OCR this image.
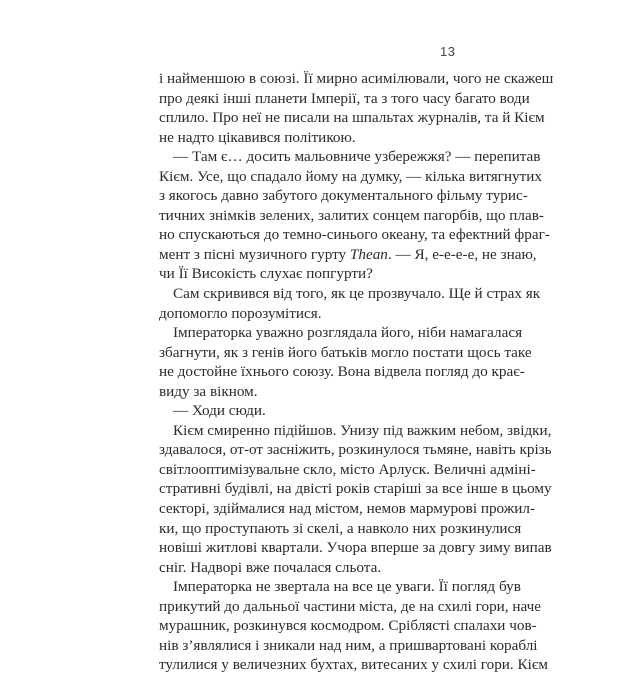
13
і найменшою в союзі. Її мирно асимілювали, чого не скажеш
про деякі інші планети Імперії, та з того часу багато води
сплило. Про неї не писали на шпальтах журналів, та й Кієм
не надто цікавився політикою.
— Там є… досить мальовниче узбережжя? — перепитав
Кієм. Усе, що спадало йому на думку, — кілька витягнутих
з якогось давно забутого документального фільму турис-
тичних знімків зелених, залитих сонцем пагорбів, що плав-
но спускаються до темно-синього океану, та ефектний фраг-
мент з пісні музичного гурту Thean. — Я, е-е-е-е, не знаю,
чи Її Високість слухає попгурти?
Сам скривився від того, як це прозвучало. Ще й страх як
допомогло порозумітися.
Імператорка уважно розглядала його, ніби намагалася
збагнути, як з генів його батьків могло постати щось таке
не достойне їхнього союзу. Вона відвела погляд до крає-
виду за вікном.
— Ходи сюди.
Кієм смиренно підійшов. Унизу під важким небом, звідки,
здавалося, от-от засніжить, розкинулося тьмяне, навіть крізь
світлооптимізувальне скло, місто Арлуск. Величні адміні-
стративні будівлі, на двісті років старіші за все інше в цьому
секторі, здіймалися над містом, немов мармурові прожил-
ки, що проступають зі скелі, а навколо них розкинулися
новіші житлові квартали. Учора вперше за довгу зиму випав
сніг. Надворі вже почалася сльота.
Імператорка не звертала на все це уваги. Її погляд був
прикутий до дальньої частини міста, де на схилі гори, наче
мурашник, розкинувся космодром. Сріблясті спалахи чов-
нів з’являлися і зникали над ним, а пришвартовані кораблі
тулилися у величезних бухтах, витесаних у схилі гори. Кієм
